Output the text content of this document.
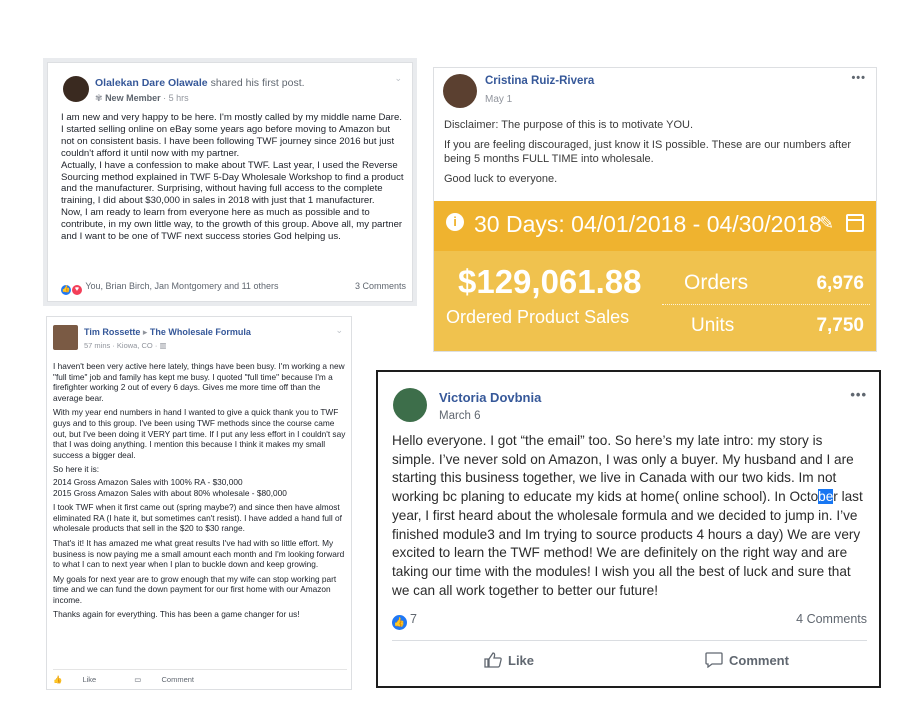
Olalekan Dare Olawale shared his first post.	⌄
✾ New Member · 5 hrs

I am new and very happy to be here. I'm mostly called by my middle name Dare. I started selling online on eBay some years ago before moving to Amazon but not on consistent basis. I have been following TWF journey since 2016 but just couldn't afford it until now with my partner.

Actually, I have a confession to make about TWF. Last year, I used the Reverse Sourcing method explained in TWF 5-Day Wholesale Workshop to find a product and the manufacturer. Surprising, without having full access to the complete training, I did about $30,000 in sales in 2018 with just that 1 manufacturer.

Now, I am ready to learn from everyone here as much as possible and to contribute, in my own little way, to the growth of this group. Above all, my partner and I want to be one of TWF next success stories God helping us.

👍 ♥ You, Brian Birch, Jan Montgomery and 11 others	3 Comments
Tim Rossette ▸ The Wholesale Formula	⌄
57 mins · Kiowa, CO · ▥

I haven't been very active here lately, things have been busy. I'm working a new "full time" job and family has kept me busy. I quoted "full time" because I'm a firefighter working 2 out of every 6 days. Gives me more time off than the average bear.

With my year end numbers in hand I wanted to give a quick thank you to TWF guys and to this group. I've been using TWF methods since the course came out, but I've been doing it VERY part time. If I put any less effort in I couldn't say that I was doing anything. I mention this because I think it makes my small success a bigger deal.

So here it is:

2014 Gross Amazon Sales with 100% RA - $30,000
2015 Gross Amazon Sales with about 80% wholesale - $80,000

I took TWF when it first came out (spring maybe?) and since then have almost eliminated RA (I hate it, but sometimes can't resist). I have added a hand full of wholesale products that sell in the $20 to $30 range.

That's it! It has amazed me what great results I've had with so little effort. My business is now paying me a small amount each month and I'm looking forward to what I can to next year when I plan to buckle down and keep growing.

My goals for next year are to grow enough that my wife can stop working part time and we can fund the down payment for our first home with our Amazon income.

Thanks again for everything. This has been a game changer for us!

👍	Like	▭	Comment
Cristina Ruiz-Rivera
May 1
•••

Disclaimer: The purpose of this is to motivate YOU.

If you are feeling discouraged, just know it IS possible. These are our numbers after being 5 months FULL TIME into wholesale.

Good luck to everyone.

i 30 Days: 04/01/2018 - 04/30/2018
✎
$129,061.88
Ordered Product Sales
Orders	6,976
Units	7,750
Victoria Dovbnia
March 6
•••
Hello everyone. I got “the email” too. So here’s my late intro: my story is simple. I’ve never sold on Amazon, I was only a buyer. My husband and I are starting this business together, we live in Canada with our two kids. Im not working bc planing to educate my kids at home( online school). In October last year, I first heard about the wholesale formula and we decided to jump in. I’ve finished module3 and Im trying to source products 4 hours a day) We are very excited to learn the TWF method! We are definitely on the right way and are taking our time with the modules! I wish you all the best of luck and sure that we can all work together to better our future!
👍 7	4 Comments
Like	Comment
